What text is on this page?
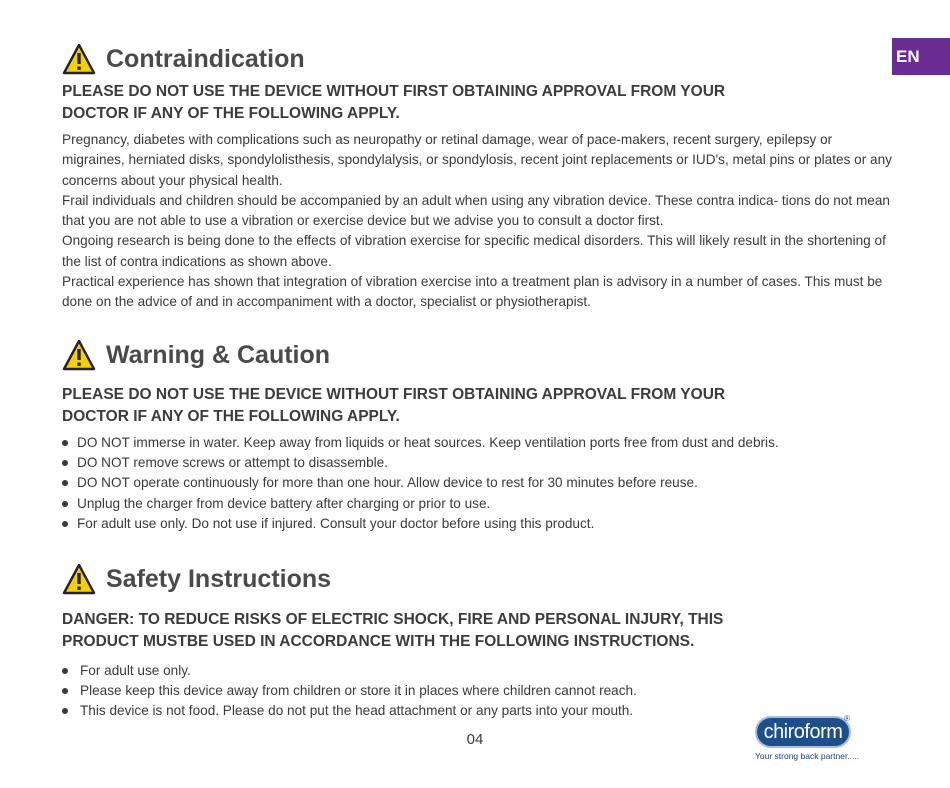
EN
Contraindication

PLEASE DO NOT USE THE DEVICE WITHOUT FIRST OBTAINING APPROVAL FROM YOUR

DOCTOR IF ANY OF THE FOLLOWING APPLY.

Pregnancy, diabetes with complications such as neuropathy or retinal damage, wear of pace-makers, recent surgery, epilepsy or migraines, herniated disks, spondylolisthesis, spondylalysis, or spondylosis, recent joint replacements or IUD's, metal pins or plates or any concerns about your physical health.

Frail individuals and children should be accompanied by an adult when using any vibration device. These contra indica- tions do not mean that you are not able to use a vibration or exercise device but we advise you to consult a doctor first.

Ongoing research is being done to the effects of vibration exercise for specific medical disorders. This will likely result in the shortening of the list of contra indications as shown above.

Practical experience has shown that integration of vibration exercise into a treatment plan is advisory in a number of cases. This must be done on the advice of and in accompaniment with a doctor, specialist or physiotherapist.

Warning & Caution

PLEASE DO NOT USE THE DEVICE WITHOUT FIRST OBTAINING APPROVAL FROM YOUR

DOCTOR IF ANY OF THE FOLLOWING APPLY.

DO NOT immerse in water. Keep away from liquids or heat sources. Keep ventilation ports free from dust and debris.
DO NOT remove screws or attempt to disassemble.
DO NOT operate continuously for more than one hour. Allow device to rest for 30 minutes before reuse.
Unplug the charger from device battery after charging or prior to use.
For adult use only. Do not use if injured. Consult your doctor before using this product.
Safety Instructions

DANGER: TO REDUCE RISKS OF ELECTRIC SHOCK, FIRE AND PERSONAL INJURY, THIS

PRODUCT MUSTBE USED IN ACCORDANCE WITH THE FOLLOWING INSTRUCTIONS.

For adult use only.
Please keep this device away from children or store it in places where children cannot reach.
This device is not food. Please do not put the head attachment or any parts into your mouth.
04	chiroform
®
Your strong back partner.....
